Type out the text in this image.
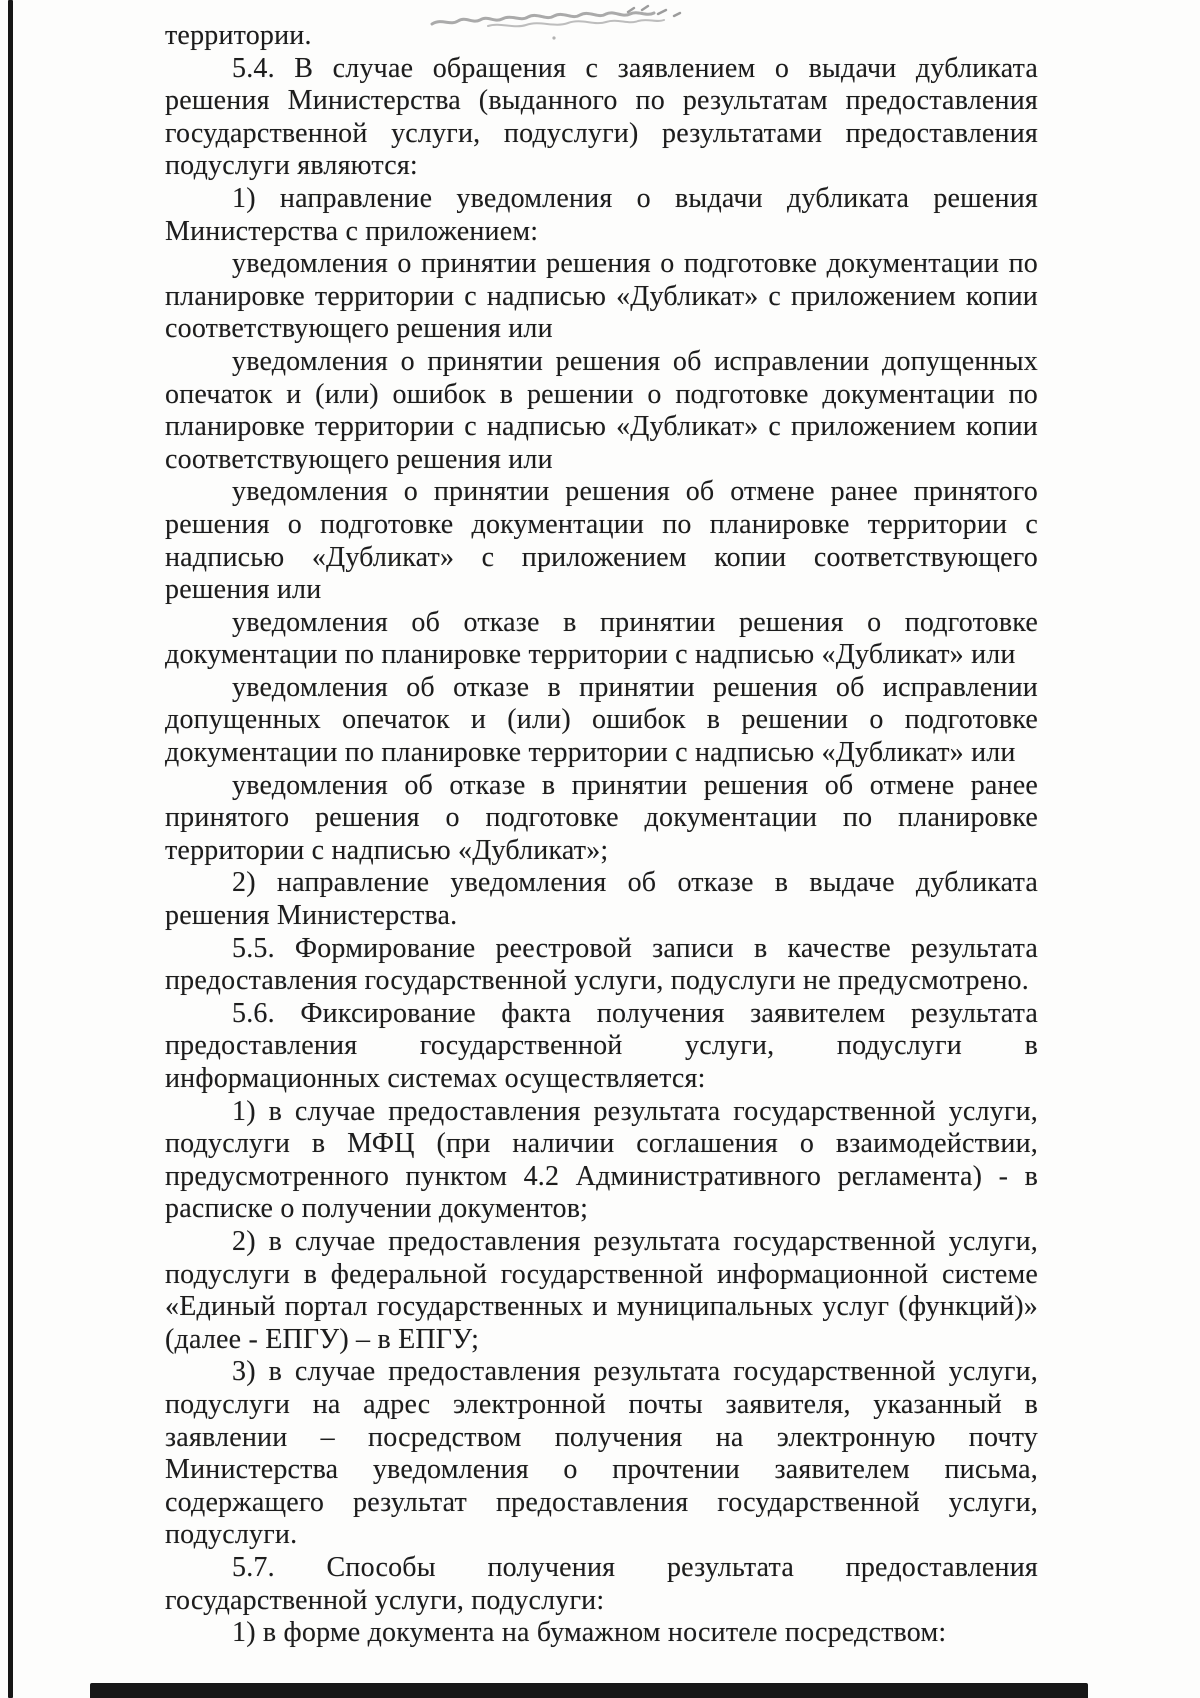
территории.

5.4. В случае обращения с заявлением о выдачи дубликата решения Министерства (выданного по результатам предоставления государственной услуги, подуслуги) результатами предоставления подуслуги являются:

1) направление уведомления о выдачи дубликата решения Министерства с приложением:

уведомления о принятии решения о подготовке документации по планировке территории с надписью «Дубликат» с приложением копии соответствующего решения или

уведомления о принятии решения об исправлении допущенных опечаток и (или) ошибок в решении о подготовке документации по планировке территории с надписью «Дубликат» с приложением копии соответствующего решения или

уведомления о принятии решения об отмене ранее принятого решения о подготовке документации по планировке территории с надписью «Дубликат» с приложением копии соответствующего решения или

уведомления об отказе в принятии решения о подготовке документации по планировке территории с надписью «Дубликат» или

уведомления об отказе в принятии решения об исправлении допущенных опечаток и (или) ошибок в решении о подготовке документации по планировке территории с надписью «Дубликат» или

уведомления об отказе в принятии решения об отмене ранее принятого решения о подготовке документации по планировке территории с надписью «Дубликат»;

2) направление уведомления об отказе в выдаче дубликата решения Министерства.

5.5. Формирование реестровой записи в качестве результата предоставления государственной услуги, подуслуги не предусмотрено.

5.6. Фиксирование факта получения заявителем результата предоставления государственной услуги, подуслуги в информационных системах осуществляется:

1) в случае предоставления результата государственной услуги, подуслуги в МФЦ (при наличии соглашения о взаимодействии, предусмотренного пунктом 4.2 Административного регламента) - в расписке о получении документов;

2) в случае предоставления результата государственной услуги, подуслуги в федеральной государственной информационной системе «Единый портал государственных и муниципальных услуг (функций)» (далее - ЕПГУ) – в ЕПГУ;

3) в случае предоставления результата государственной услуги, подуслуги на адрес электронной почты заявителя, указанный в заявлении – посредством получения на электронную почту Министерства уведомления о прочтении заявителем письма, содержащего результат предоставления государственной услуги, подуслуги.

5.7. Способы получения результата предоставления государственной услуги, подуслуги:

1) в форме документа на бумажном носителе посредством:
